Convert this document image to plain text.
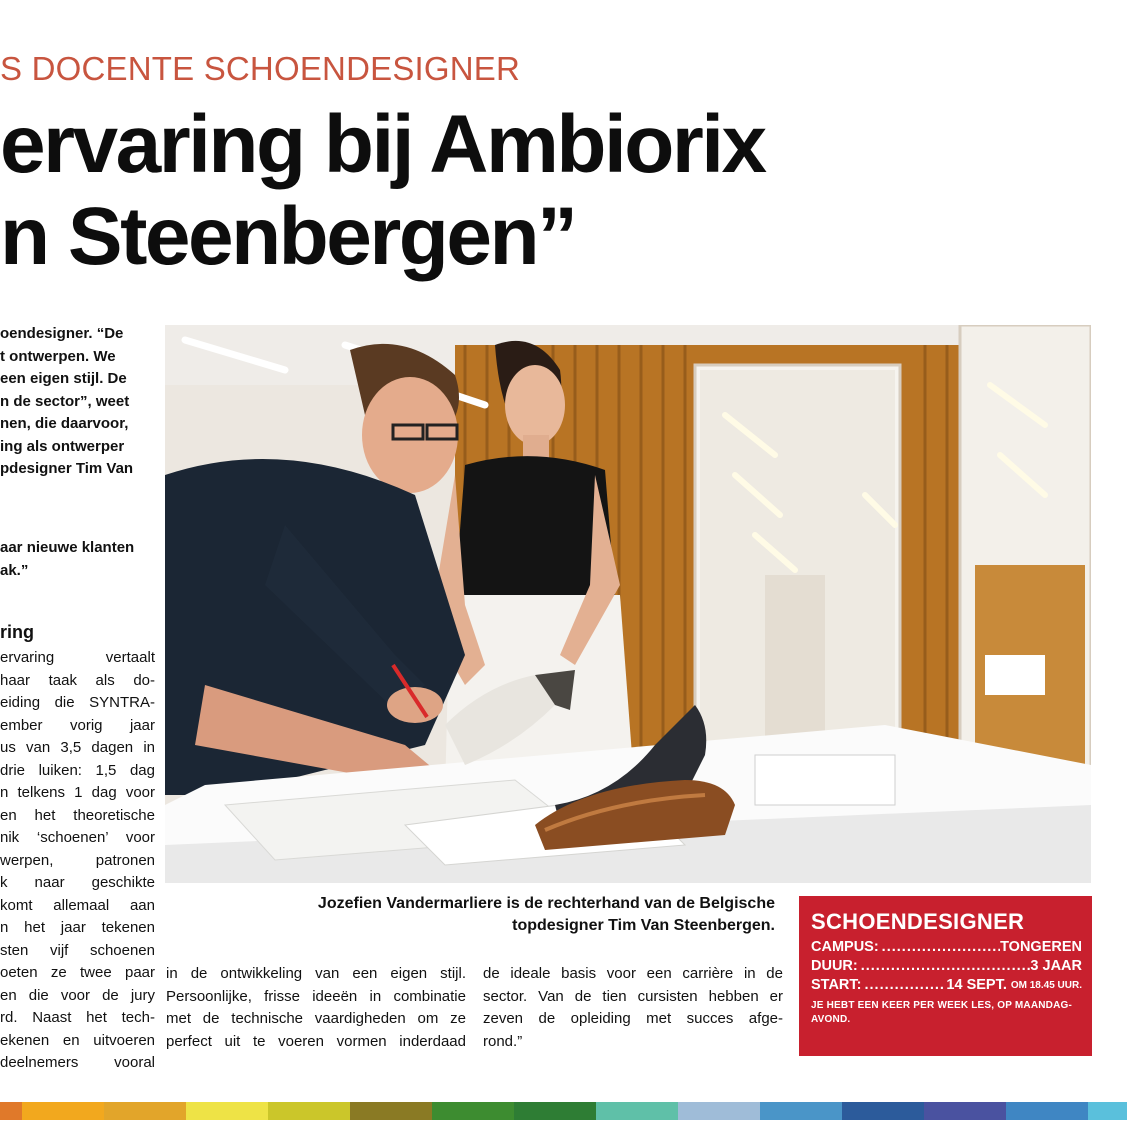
S DOCENTE SCHOENDESIGNER
ervaring bij Ambiorix
n Steenbergen”
oendesigner. “De
t ontwerpen. We
een eigen stijl. De
n de sector”, weet
nen, die daarvoor,
ing als ontwerper
pdesigner Tim Van
aar nieuwe klanten
ak.”
ring
ervaring vertaalt
haar taak als do-
eiding die SYNTRA-
ember vorig jaar
us van 3,5 dagen in
drie luiken: 1,5 dag
n telkens 1 dag voor
en het theoretische
nik ‘schoenen’ voor
werpen, patronen
k naar geschikte
komt allemaal aan
n het jaar tekenen
sten vijf schoenen
oeten ze twee paar
en die voor de jury
rd. Naast het tech-
ekenen en uitvoeren
deelnemers vooral
Jozefien Vandermarliere is de rechterhand van de Belgische
topdesigner Tim Van Steenbergen.
in de ontwikkeling van een eigen stijl.
Persoonlijke, frisse ideeën in combinatie
met de technische vaardigheden om ze
perfect uit te voeren vormen inderdaad
de ideale basis voor een carrière in de
sector. Van de tien cursisten hebben er
zeven de opleiding met succes afge-
rond.”
SCHOENDESIGNER
CAMPUS: .....	TONGEREN
DUUR: .....	3 JAAR
START: .....	14 SEPT. OM 18.45 UUR.
JE HEBT EEN KEER PER WEEK LES, OP MAANDAG-
AVOND.
